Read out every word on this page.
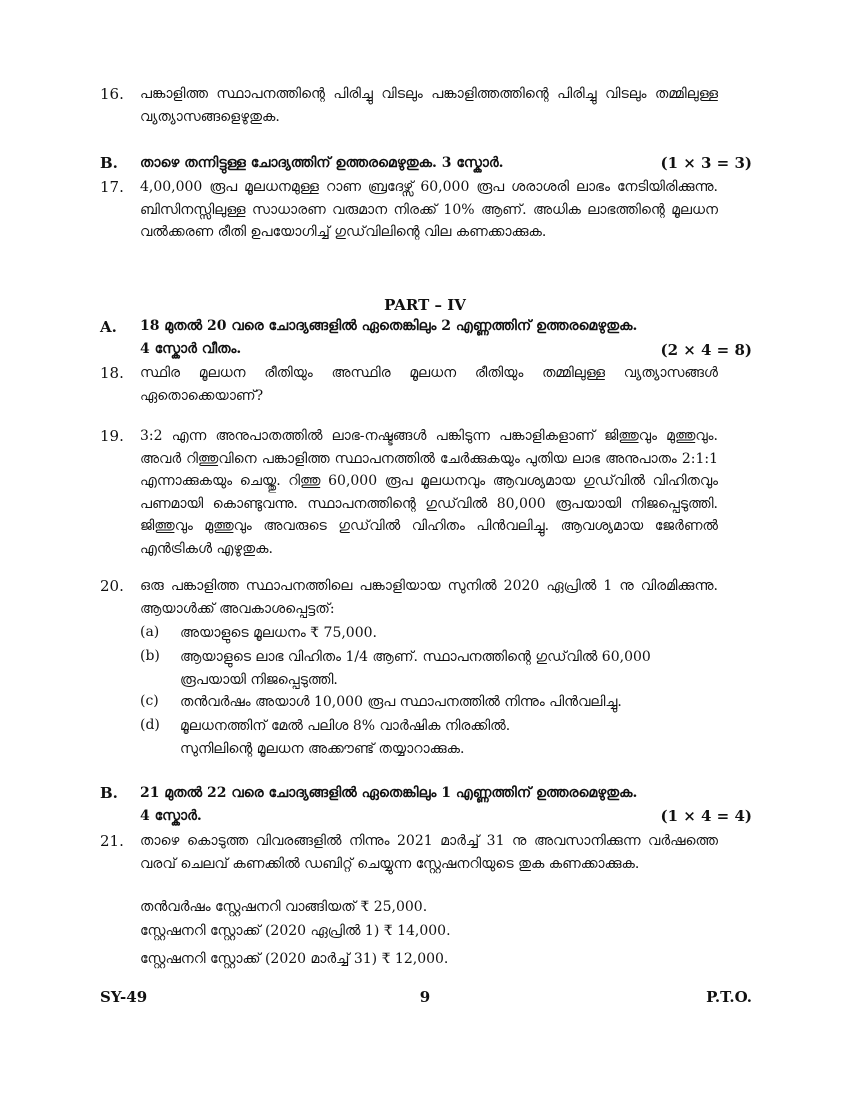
16. പങ്കാളിത്ത സ്ഥാപനത്തിന്റെ പിരിച്ചു വിടലും പങ്കാളിത്തത്തിന്റെ പിരിച്ചു വിടലും തമ്മിലുള്ള വ്യത്യാസങ്ങളെഴുതുക.
B. താഴെ തന്നിട്ടുള്ള ചോദ്യത്തിന് ഉത്തരമെഴുതുക. 3 സ്കോർ.	(1 × 3 = 3)
17. 4,00,000 രൂപ മൂലധനമുള്ള റാണ ബ്രദേഴ്സ് 60,000 രൂപ ശരാശരി ലാഭം നേടിയിരിക്കുന്നു. ബിസിനസ്സിലുള്ള സാധാരണ വരുമാന നിരക്ക് 10% ആണ്. അധിക ലാഭത്തിന്റെ മൂലധന വൽക്കരണ രീതി ഉപയോഗിച്ച് ഗുഡ്‌വിലിന്റെ വില കണക്കാക്കുക.
PART – IV
A. 18 മുതൽ 20 വരെ ചോദ്യങ്ങളിൽ ഏതെങ്കിലും 2 എണ്ണത്തിന് ഉത്തരമെഴുതുക.
4 സ്കോർ വീതം.	(2 × 4 = 8)
18. സ്ഥിര മൂലധന രീതിയും അസ്ഥിര മൂലധന രീതിയും തമ്മിലുള്ള വ്യത്യാസങ്ങൾ ഏതൊക്കെയാണ്?
19. 3:2 എന്ന അനുപാതത്തിൽ ലാഭ-നഷ്ടങ്ങൾ പങ്കിടുന്ന പങ്കാളികളാണ് ജിത്തുവും മുത്തുവും. അവർ റിത്തുവിനെ പങ്കാളിത്ത സ്ഥാപനത്തിൽ ചേർക്കുകയും പുതിയ ലാഭ അനുപാതം 2:1:1 എന്നാക്കുകയും ചെയ്തു. റിത്തു 60,000 രൂപ മൂലധനവും ആവശ്യമായ ഗുഡ്‌വിൽ വിഹിതവും പണമായി കൊണ്ടുവന്നു. സ്ഥാപനത്തിന്റെ ഗുഡ്‌വിൽ 80,000 രൂപയായി നിജപ്പെടുത്തി. ജിത്തുവും മുത്തുവും അവരുടെ ഗുഡ്‌വിൽ വിഹിതം പിൻവലിച്ചു. ആവശ്യമായ ജേർണൽ എൻട്രികൾ എഴുതുക.
20. ഒരു പങ്കാളിത്ത സ്ഥാപനത്തിലെ പങ്കാളിയായ സുനിൽ 2020 ഏപ്രിൽ 1 നു വിരമിക്കുന്നു. ആയാൾക്ക് അവകാശപ്പെട്ടത്:
(a) അയാളുടെ മൂലധനം ₹ 75,000.
(b) ആയാളുടെ ലാഭ വിഹിതം 1/4 ആണ്. സ്ഥാപനത്തിന്റെ ഗുഡ്‌വിൽ 60,000 രൂപയായി നിജപ്പെടുത്തി.
(c) തൻവർഷം അയാൾ 10,000 രൂപ സ്ഥാപനത്തിൽ നിന്നും പിൻവലിച്ചു.
(d) മൂലധനത്തിന് മേൽ പലിശ 8% വാർഷിക നിരക്കിൽ.
സുനിലിന്റെ മൂലധന അക്കൗണ്ട് തയ്യാറാക്കുക.
B. 21 മുതൽ 22 വരെ ചോദ്യങ്ങളിൽ ഏതെങ്കിലും 1 എണ്ണത്തിന് ഉത്തരമെഴുതുക.
4 സ്കോർ.	(1 × 4 = 4)
21. താഴെ കൊടുത്ത വിവരങ്ങളിൽ നിന്നും 2021 മാർച്ച് 31 നു അവസാനിക്കുന്ന വർഷത്തെ വരവ് ചെലവ് കണക്കിൽ ഡബിറ്റ് ചെയ്യുന്ന സ്റ്റേഷനറിയുടെ തുക കണക്കാക്കുക.
തൻവർഷം സ്റ്റേഷനറി വാങ്ങിയത് ₹ 25,000.
സ്റ്റേഷനറി സ്റ്റോക്ക് (2020 ഏപ്രിൽ 1) ₹ 14,000.
സ്റ്റേഷനറി സ്റ്റോക്ക് (2020 മാർച്ച് 31) ₹ 12,000.
SY-49	9	P.T.O.
